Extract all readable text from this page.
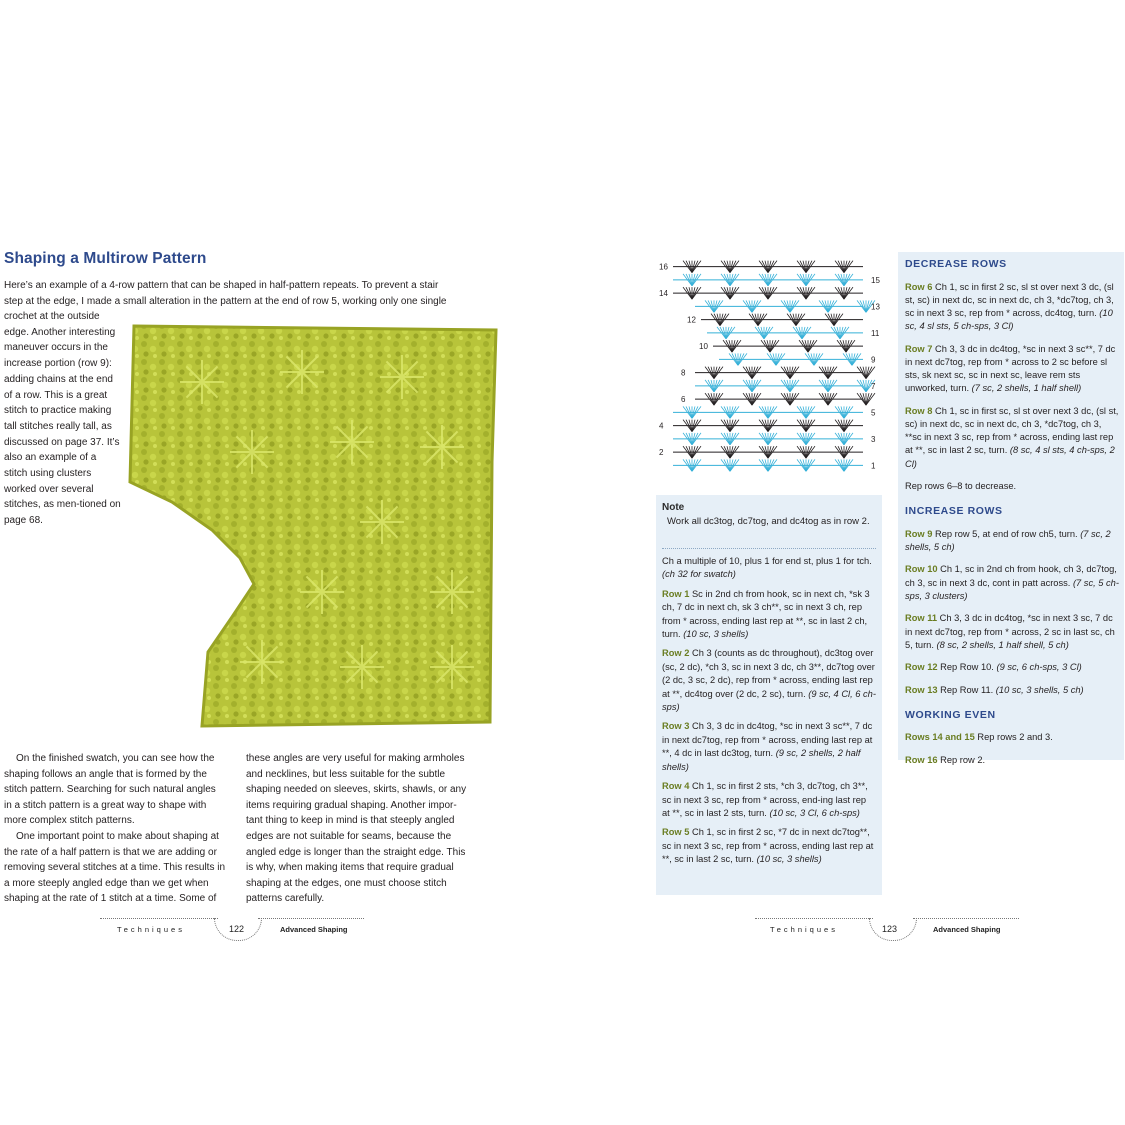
Shaping a Multirow Pattern
Here’s an example of a 4-row pattern that can be shaped in half-pattern repeats. To prevent a stair step at the edge, I made a small alteration in the pattern at the end of row 5, working only one single
crochet at the outside edge. Another interesting maneuver occurs in the increase portion (row 9): adding chains at the end of a row. This is a great stitch to practice making tall stitches really tall, as discussed on page 37. It’s also an example of a stitch using clusters worked over several stitches, as men-tioned on page 68.

On the finished swatch, you can see how the shaping follows an angle that is formed by the stitch pattern. Searching for such natural angles in a stitch pattern is a great way to shape with more complex stitch patterns.

One important point to make about shaping at the rate of a half pattern is that we are adding or removing several stitches at a time. This results in a more steeply angled edge than we get when shaping at the rate of 1 stitch at a time. Some of

these angles are very useful for making armholes and necklines, but less suitable for the subtle shaping needed on sleeves, skirts, shawls, or any items requiring gradual shaping. Another impor-tant thing to keep in mind is that steeply angled edges are not suitable for seams, because the angled edge is longer than the straight edge. This is why, when making items that require gradual shaping at the edges, one must choose stitch patterns carefully.

Techniques	122	Advanced Shaping
16
14
12
10
8
6
4
2
15
13
11
9
7
5
3
1
Note
Work all dc3tog, dc7tog, and dc4tog as in row 2.

Ch a multiple of 10, plus 1 for end st, plus 1 for tch. (ch 32 for swatch)

Row 1 Sc in 2nd ch from hook, sc in next ch, *sk 3 ch, 7 dc in next ch, sk 3 ch**, sc in next 3 ch, rep from * across, ending last rep at **, sc in last 2 ch, turn. (10 sc, 3 shells)

Row 2 Ch 3 (counts as dc throughout), dc3tog over (sc, 2 dc), *ch 3, sc in next 3 dc, ch 3**, dc7tog over (2 dc, 3 sc, 2 dc), rep from * across, ending last rep at **, dc4tog over (2 dc, 2 sc), turn. (9 sc, 4 Cl, 6 ch-sps)

Row 3 Ch 3, 3 dc in dc4tog, *sc in next 3 sc**, 7 dc in next dc7tog, rep from * across, ending last rep at **, 4 dc in last dc3tog, turn. (9 sc, 2 shells, 2 half shells)

Row 4 Ch 1, sc in first 2 sts, *ch 3, dc7tog, ch 3**, sc in next 3 sc, rep from * across, end-ing last rep at **, sc in last 2 sts, turn. (10 sc, 3 Cl, 6 ch-sps)

Row 5 Ch 1, sc in first 2 sc, *7 dc in next dc7tog**, sc in next 3 sc, rep from * across, ending last rep at **, sc in last 2 sc, turn. (10 sc, 3 shells)

DECREASE ROWS

Row 6 Ch 1, sc in first 2 sc, sl st over next 3 dc, (sl st, sc) in next dc, sc in next dc, ch 3, *dc7tog, ch 3, sc in next 3 sc, rep from * across, dc4tog, turn. (10 sc, 4 sl sts, 5 ch-sps, 3 Cl)

Row 7 Ch 3, 3 dc in dc4tog, *sc in next 3 sc**, 7 dc in next dc7tog, rep from * across to 2 sc before sl sts, sk next sc, sc in next sc, leave rem sts unworked, turn. (7 sc, 2 shells, 1 half shell)

Row 8 Ch 1, sc in first sc, sl st over next 3 dc, (sl st, sc) in next dc, sc in next dc, ch 3, *dc7tog, ch 3, **sc in next 3 sc, rep from * across, ending last rep at **, sc in last 2 sc, turn. (8 sc, 4 sl sts, 4 ch-sps, 2 Cl)

Rep rows 6–8 to decrease.

INCREASE ROWS

Row 9 Rep row 5, at end of row ch5, turn. (7 sc, 2 shells, 5 ch)

Row 10 Ch 1, sc in 2nd ch from hook, ch 3, dc7tog, ch 3, sc in next 3 dc, cont in patt across. (7 sc, 5 ch-sps, 3 clusters)

Row 11 Ch 3, 3 dc in dc4tog, *sc in next 3 sc, 7 dc in next dc7tog, rep from * across, 2 sc in last sc, ch 5, turn. (8 sc, 2 shells, 1 half shell, 5 ch)

Row 12 Rep Row 10. (9 sc, 6 ch-sps, 3 Cl)

Row 13 Rep Row 11. (10 sc, 3 shells, 5 ch)

WORKING EVEN

Rows 14 and 15 Rep rows 2 and 3.

Row 16 Rep row 2.

Techniques	123	Advanced Shaping
